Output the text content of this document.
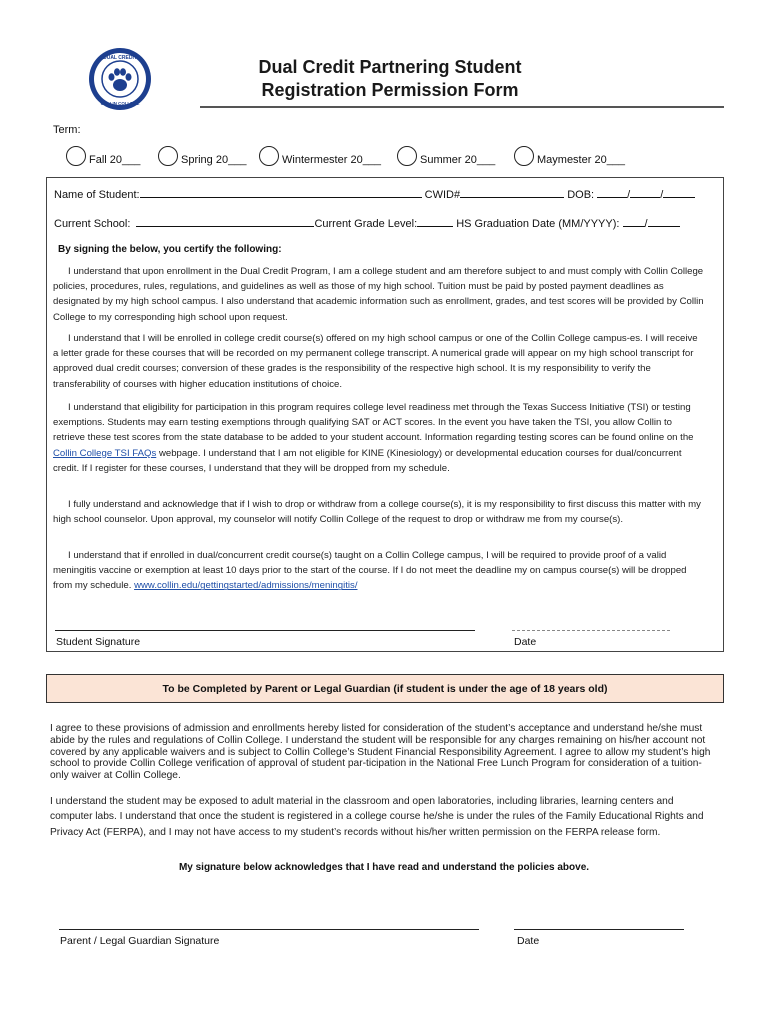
DUAL CREDIT
COLLIN COLLEGE
Dual Credit Partnering Student
Registration Permission Form
Term:
Fall 20___	Spring 20___	Wintermester 20___	Summer 20___	Maymester 20___
Name of Student:	CWID#	DOB:	/	/
Current School:	Current Grade Level:	HS Graduation Date (MM/YYYY): /
By signing the below, you certify the following:
I understand that upon enrollment in the Dual Credit Program, I am a college student and am therefore subject to and must comply with Collin College policies, procedures, rules, regulations, and guidelines as well as those of my high school. Tuition must be paid by posted payment deadlines as designated by my high school campus. I also understand that academic information such as enrollment, grades, and test scores will be provided by Collin College to my corresponding high school upon request.
I understand that I will be enrolled in college credit course(s) offered on my high school campus or one of the Collin College campus-es. I will receive a letter grade for these courses that will be recorded on my permanent college transcript. A numerical grade will appear on my high school transcript for approved dual credit courses; conversion of these grades is the responsibility of the respective high school. It is my responsibility to verify the transferability of courses with higher education institutions of choice.
I understand that eligibility for participation in this program requires college level readiness met through the Texas Success Initiative (TSI) or testing exemptions. Students may earn testing exemptions through qualifying SAT or ACT scores. In the event you have taken the TSI, you allow Collin to retrieve these test scores from the state database to be added to your student account. Information regarding testing scores can be found online on the Collin College TSI FAQs webpage. I understand that I am not eligible for KINE (Kinesiology) or developmental education courses for dual/concurrent credit. If I register for these courses, I understand that they will be dropped from my schedule.
I fully understand and acknowledge that if I wish to drop or withdraw from a college course(s), it is my responsibility to first discuss this matter with my high school counselor. Upon approval, my counselor will notify Collin College of the request to drop or withdraw me from my course(s).
I understand that if enrolled in dual/concurrent credit course(s) taught on a Collin College campus, I will be required to provide proof of a valid meningitis vaccine or exemption at least 10 days prior to the start of the course. If I do not meet the deadline my on campus course(s) will be dropped from my schedule. www.collin.edu/gettingstarted/admissions/meningitis/
Student Signature	Date
To be Completed by Parent or Legal Guardian (if student is under the age of 18 years old)
I agree to these provisions of admission and enrollments hereby listed for consideration of the student’s acceptance and understand he/she must abide by the rules and regulations of Collin College. I understand the student will be responsible for any charges remaining on his/her account not covered by any applicable waivers and is subject to Collin College’s Student Financial Responsibility Agreement. I agree to allow my student’s high school to provide Collin College verification of approval of student par-ticipation in the National Free Lunch Program for consideration of a tuition-only waiver at Collin College.
I understand the student may be exposed to adult material in the classroom and open laboratories, including libraries, learning centers and computer labs. I understand that once the student is registered in a college course he/she is under the rules of the Family Educational Rights and Privacy Act (FERPA), and I may not have access to my student’s records without his/her written permission on the FERPA release form.
My signature below acknowledges that I have read and understand the policies above.
Parent / Legal Guardian Signature	Date
